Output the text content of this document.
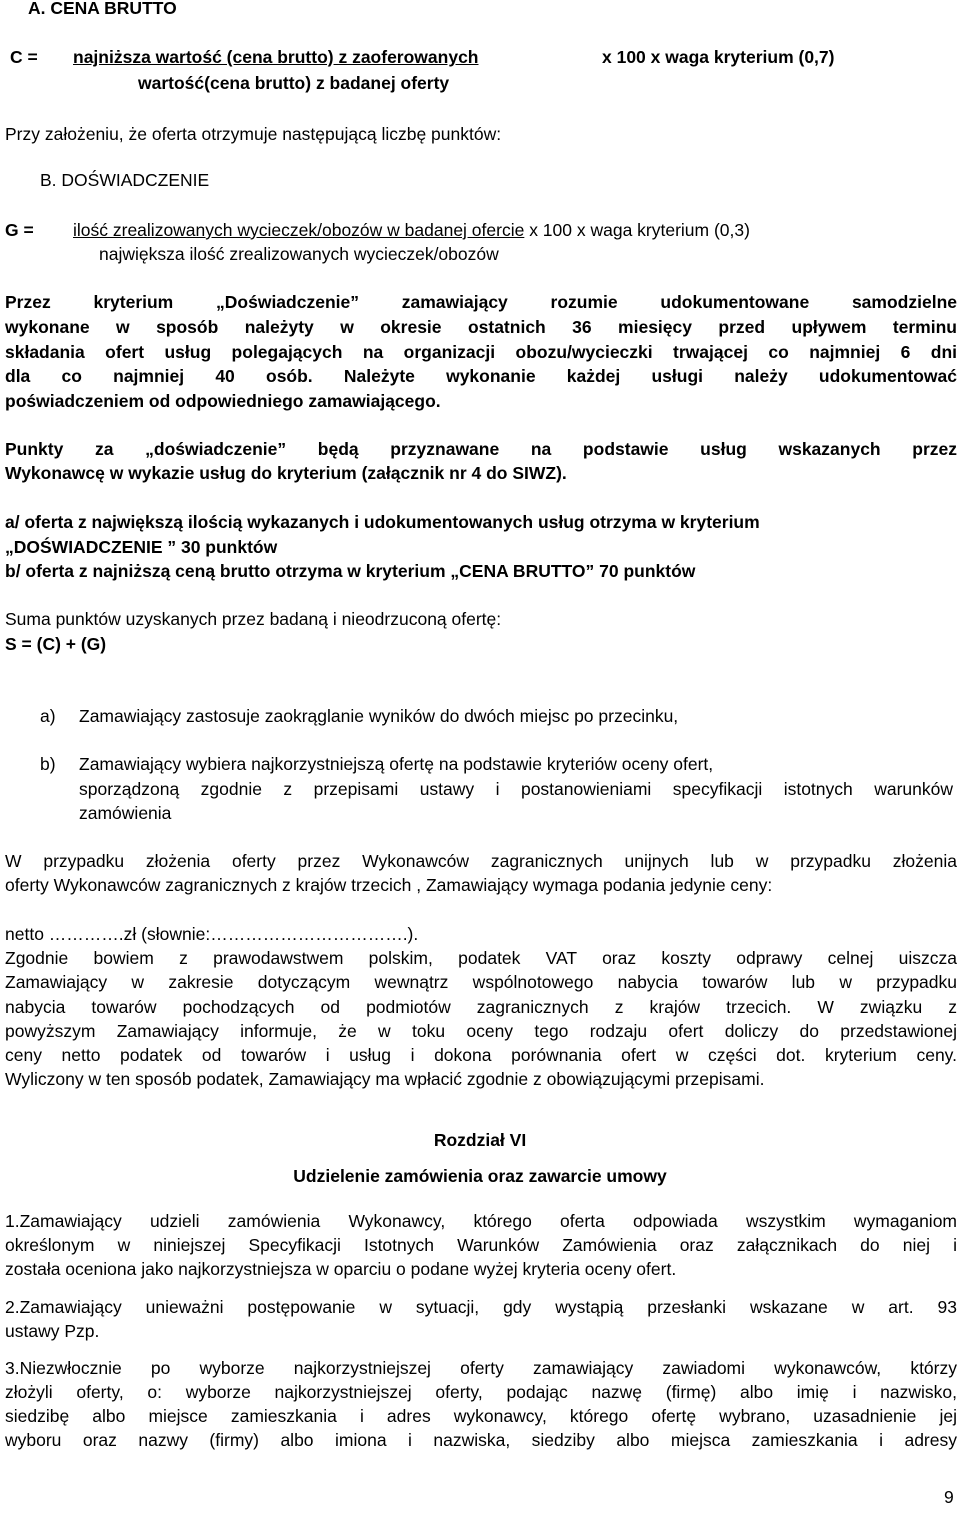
A. CENA BRUTTO
C = najniższa wartość (cena brutto) z zaoferowanych	x 100 x waga kryterium (0,7)
wartość(cena brutto) z badanej oferty
Przy założeniu, że oferta otrzymuje następującą liczbę punktów:
B. DOŚWIADCZENIE
G = ilość zrealizowanych wycieczek/obozów w badanej ofercie x 100 x waga kryterium (0,3)
największa ilość zrealizowanych wycieczek/obozów
Przez kryterium „Doświadczenie” zamawiający rozumie udokumentowane samodzielne
wykonane w sposób należyty w okresie ostatnich 36 miesięcy przed upływem terminu
składania ofert usług polegających na organizacji obozu/wycieczki trwającej co najmniej 6 dni
dla co najmniej 40 osób. Należyte wykonanie każdej usługi należy udokumentować
poświadczeniem od odpowiedniego zamawiającego.
Punkty za „doświadczenie” będą przyznawane na podstawie usług wskazanych przez
Wykonawcę w wykazie usług do kryterium (załącznik nr 4 do SIWZ).
a/ oferta z największą ilością wykazanych i udokumentowanych usług otrzyma w kryterium
„DOŚWIADCZENIE ” 30 punktów
b/ oferta z najniższą ceną brutto otrzyma w kryterium „CENA BRUTTO” 70 punktów
Suma punktów uzyskanych przez badaną i nieodrzuconą ofertę:
S = (C) + (G)
a) Zamawiający zastosuje zaokrąglanie wyników do dwóch miejsc po przecinku,
b) Zamawiający wybiera najkorzystniejszą ofertę na podstawie kryteriów oceny ofert,
sporządzoną zgodnie z przepisami ustawy i postanowieniami specyfikacji istotnych warunków
zamówienia
W przypadku złożenia oferty przez Wykonawców zagranicznych unijnych lub w przypadku złożenia
oferty Wykonawców zagranicznych z krajów trzecich , Zamawiający wymaga podania jedynie ceny:
netto ………….zł (słownie:…………………………….).
Zgodnie bowiem z prawodawstwem polskim, podatek VAT oraz koszty odprawy celnej uiszcza
Zamawiający w zakresie dotyczącym wewnątrz wspólnotowego nabycia towarów lub w przypadku
nabycia towarów pochodzących od podmiotów zagranicznych z krajów trzecich. W związku z
powyższym Zamawiający informuje, że w toku oceny tego rodzaju ofert doliczy do przedstawionej
ceny netto podatek od towarów i usług i dokona porównania ofert w części dot. kryterium ceny.
Wyliczony w ten sposób podatek, Zamawiający ma wpłacić zgodnie z obowiązującymi przepisami.
Rozdział VI
Udzielenie zamówienia oraz zawarcie umowy
1.Zamawiający udzieli zamówienia Wykonawcy, którego oferta odpowiada wszystkim wymaganiom
określonym w niniejszej Specyfikacji Istotnych Warunków Zamówienia oraz załącznikach do niej i
została oceniona jako najkorzystniejsza w oparciu o podane wyżej kryteria oceny ofert.
2.Zamawiający unieważni postępowanie w sytuacji, gdy wystąpią przesłanki wskazane w art. 93
ustawy Pzp.
3.Niezwłocznie po wyborze najkorzystniejszej oferty zamawiający zawiadomi wykonawców, którzy
złożyli oferty, o: wyborze najkorzystniejszej oferty, podając nazwę (firmę) albo imię i nazwisko,
siedzibę albo miejsce zamieszkania i adres wykonawcy, którego ofertę wybrano, uzasadnienie jej
wyboru oraz nazwy (firmy) albo imiona i nazwiska, siedziby albo miejsca zamieszkania i adresy
9
